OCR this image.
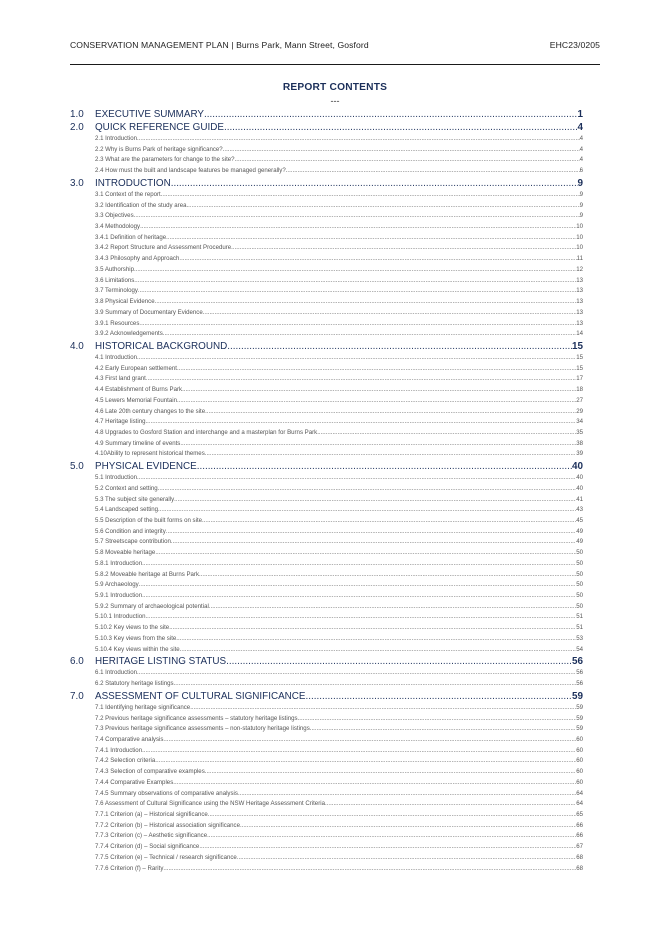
CONSERVATION MANAGEMENT PLAN | Burns Park, Mann Street, Gosford	EHC23/0205
REPORT CONTENTS
---
1.0	EXECUTIVE SUMMARY .....	1
2.0	QUICK REFERENCE GUIDE .....	4
2.1 Introduction .....	4
2.2 Why is Burns Park of heritage significance? .....	4
2.3 What are the parameters for change to the site? .....	4
2.4 How must the built and landscape features be managed generally? .....	6
3.0	INTRODUCTION .....	9
3.1 Context of the report .....	9
3.2 Identification of the study area .....	9
3.3 Objectives .....	9
3.4 Methodology .....	10
3.4.1 Definition of heritage .....	10
3.4.2 Report Structure and Assessment Procedure .....	10
3.4.3 Philosophy and Approach .....	11
3.5 Authorship .....	12
3.6 Limitations .....	13
3.7 Terminology .....	13
3.8 Physical Evidence .....	13
3.9 Summary of Documentary Evidence .....	13
3.9.1 Resources .....	13
3.9.2 Acknowledgements .....	14
4.0	HISTORICAL BACKGROUND .....	15
4.1 Introduction .....	15
4.2 Early European settlement .....	15
4.3 First land grant .....	17
4.4 Establishment of Burns Park .....	18
4.5 Lewers Memorial Fountain .....	27
4.6 Late 20th century changes to the site .....	29
4.7 Heritage listing .....	34
4.8 Upgrades to Gosford Station and interchange and a masterplan for Burns Park .....	35
4.9 Summary timeline of events .....	38
4.10Ability to represent historical themes .....	39
5.0	PHYSICAL EVIDENCE .....	40
5.1 Introduction .....	40
5.2 Context and setting .....	40
5.3 The subject site generally .....	41
5.4 Landscaped setting .....	43
5.5 Description of the built forms on site .....	45
5.6 Condition and integrity .....	49
5.7 Streetscape contribution .....	49
5.8 Moveable heritage .....	50
5.8.1 Introduction .....	50
5.8.2 Moveable heritage at Burns Park .....	50
5.9 Archaeology .....	50
5.9.1 Introduction .....	50
5.9.2 Summary of archaeological potential .....	50
5.10.1 Introduction .....	51
5.10.2 Key views to the site .....	51
5.10.3 Key views from the site .....	53
5.10.4 Key views within the site .....	54
6.0	HERITAGE LISTING STATUS .....	56
6.1 Introduction .....	56
6.2 Statutory heritage listings .....	56
7.0	ASSESSMENT OF CULTURAL SIGNIFICANCE .....	59
7.1 Identifying heritage significance .....	59
7.2 Previous heritage significance assessments – statutory heritage listings .....	59
7.3 Previous heritage significance assessments – non-statutory heritage listings .....	59
7.4 Comparative analysis .....	60
7.4.1 Introduction .....	60
7.4.2 Selection criteria .....	60
7.4.3 Selection of comparative examples .....	60
7.4.4 Comparative Examples .....	60
7.4.5 Summary observations of comparative analysis .....	64
7.6 Assessment of Cultural Significance using the NSW Heritage Assessment Criteria .....	64
7.7.1 Criterion (a) – Historical significance .....	65
7.7.2 Criterion (b) – Historical association significance .....	66
7.7.3 Criterion (c) – Aesthetic significance .....	66
7.7.4 Criterion (d) – Social significance .....	67
7.7.5 Criterion (e) – Technical / research significance .....	68
7.7.6 Criterion (f) – Rarity .....	68
